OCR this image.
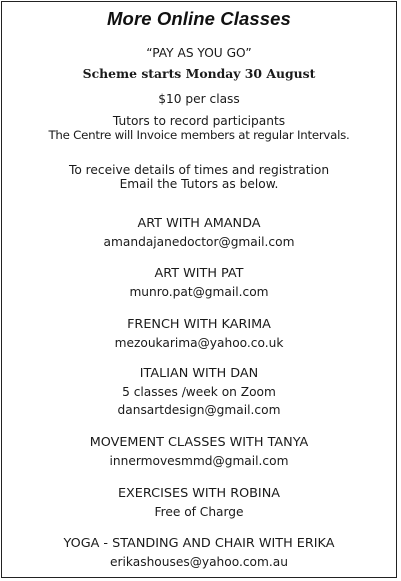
More Online Classes
“PAY AS YOU GO”
Scheme starts Monday 30 August
$10 per class
Tutors to record participants
The Centre will Invoice members at regular Intervals.
To receive details of times and registration
Email the Tutors as below.
ART WITH AMANDA
amandajanedoctor@gmail.com
ART WITH PAT
munro.pat@gmail.com
FRENCH WITH KARIMA
mezoukarima@yahoo.co.uk
ITALIAN WITH DAN
5 classes /week on Zoom
dansartdesign@gmail.com
MOVEMENT CLASSES WITH TANYA
innermovesmmd@gmail.com
EXERCISES WITH ROBINA
Free of Charge
YOGA - STANDING AND CHAIR WITH ERIKA
erikashouses@yahoo.com.au
